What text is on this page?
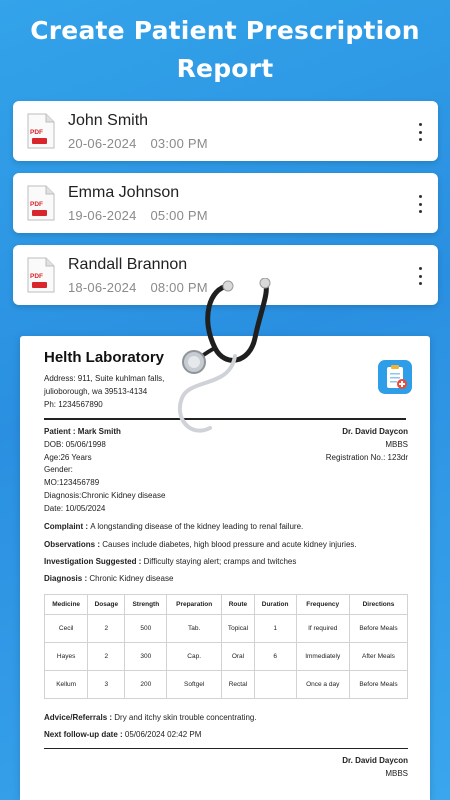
Create Patient Prescription
Report
PDF
John Smith
20-06-2024 03:00 PM
PDF
Emma Johnson
19-06-2024 05:00 PM
PDF
Randall Brannon
18-06-2024 08:00 PM
Helth Laboratory
Address: 911, Suite kuhlman falls,
julioborough, wa 39513-4134
Ph: 1234567890
Patient : Mark Smith
DOB: 05/06/1998
Age:26 Years
Gender:
MO:123456789
Diagnosis:Chronic Kidney disease
Date: 10/05/2024
Dr. David Daycon
MBBS
Registration No.: 123dr
Complaint : A longstanding disease of the kidney leading to renal failure.
Observations : Causes include diabetes, high blood pressure and acute kidney injuries.
Investigation Suggested : Difficulty staying alert; cramps and twitches
Diagnosis : Chronic Kidney disease
Medicine	Dosage	Strength	Preparation	Route	Duration	Frequency	Directions
Cecil	2	500	Tab.	Topical	1	If required	Before Meals
Hayes	2	300	Cap.	Oral	6	Immediately	After Meals
Kellum	3	200	Softgel	Rectal		Once a day	Before Meals
Advice/Referrals : Dry and itchy skin trouble concentrating.
Next follow-up date : 05/06/2024 02:42 PM
Dr. David Daycon
MBBS
